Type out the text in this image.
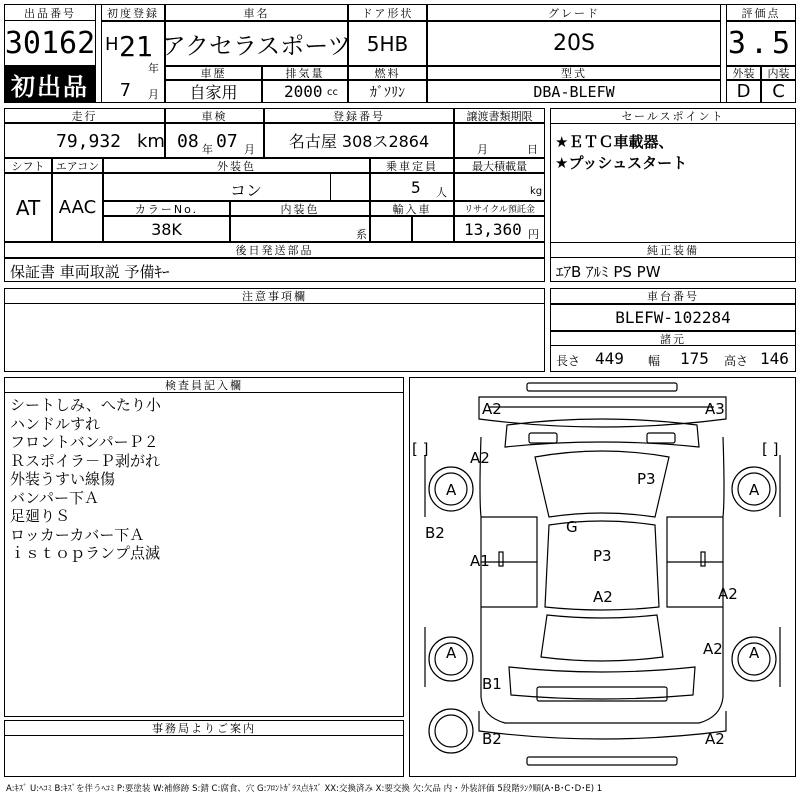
出品番号
30162
初出品
初度登録
H 21
年
7 月
車名
アクセラスポーツ
ドア形状
5HB
グレード
20S
評価点
3.5
車歴
自家用
排気量
2000 cc
燃料
ｶﾞｿﾘﾝ
型式
DBA-BLEFW
外装	内装
D	C
走行
79,932 km
車検
08 年 07 月
登録番号
名古屋 308ス2864
譲渡書類期限
月	日
シフト
AT
エアコン
AAC
外装色
コン
カラーNo.
38K
内装色
系
乗車定員
5 人
最大積載量
kg
輸入車	リサイクル預託金
13,360 円
後日発送部品
保証書 車両取説 予備ｷｰ
セールスポイント
★ＥＴＣ車載器、
★プッシュスタート
純正装備
ｴｱB ｱﾙﾐ PS PW
注意事項欄	車台番号
BLEFW-102284
諸元
長さ 449 幅 175 高さ 146
検査員記入欄
シートしみ、へたり小
ハンドルすれ
フロントバンパーＰ２
Ｒスポイラ－Ｐ剥がれ
外装うすい線傷
バンパー下Ａ
足廻りＳ
ロッカーカバー下Ａ
ｉｓｔｏｐランプ点滅
事務局よりご案内
A2	A3
[ ]	[ ]
A2
P3
A	A
B2	G
A1	P3
A2	A2
A2
A	A
B1
B2	A2
A:ｷｽﾞ U:ﾍｺﾐ B:ｷｽﾞを伴うﾍｺﾐ P:要塗装 W:補修跡 S:錆 C:腐食、穴 G:ﾌﾛﾝﾄｶﾞﾗｽ点ｷｽﾞ XX:交換済み X:要交換 欠:欠品 内・外装評価 5段階ﾗﾝｸ順(A･B･C･D･E) 1
